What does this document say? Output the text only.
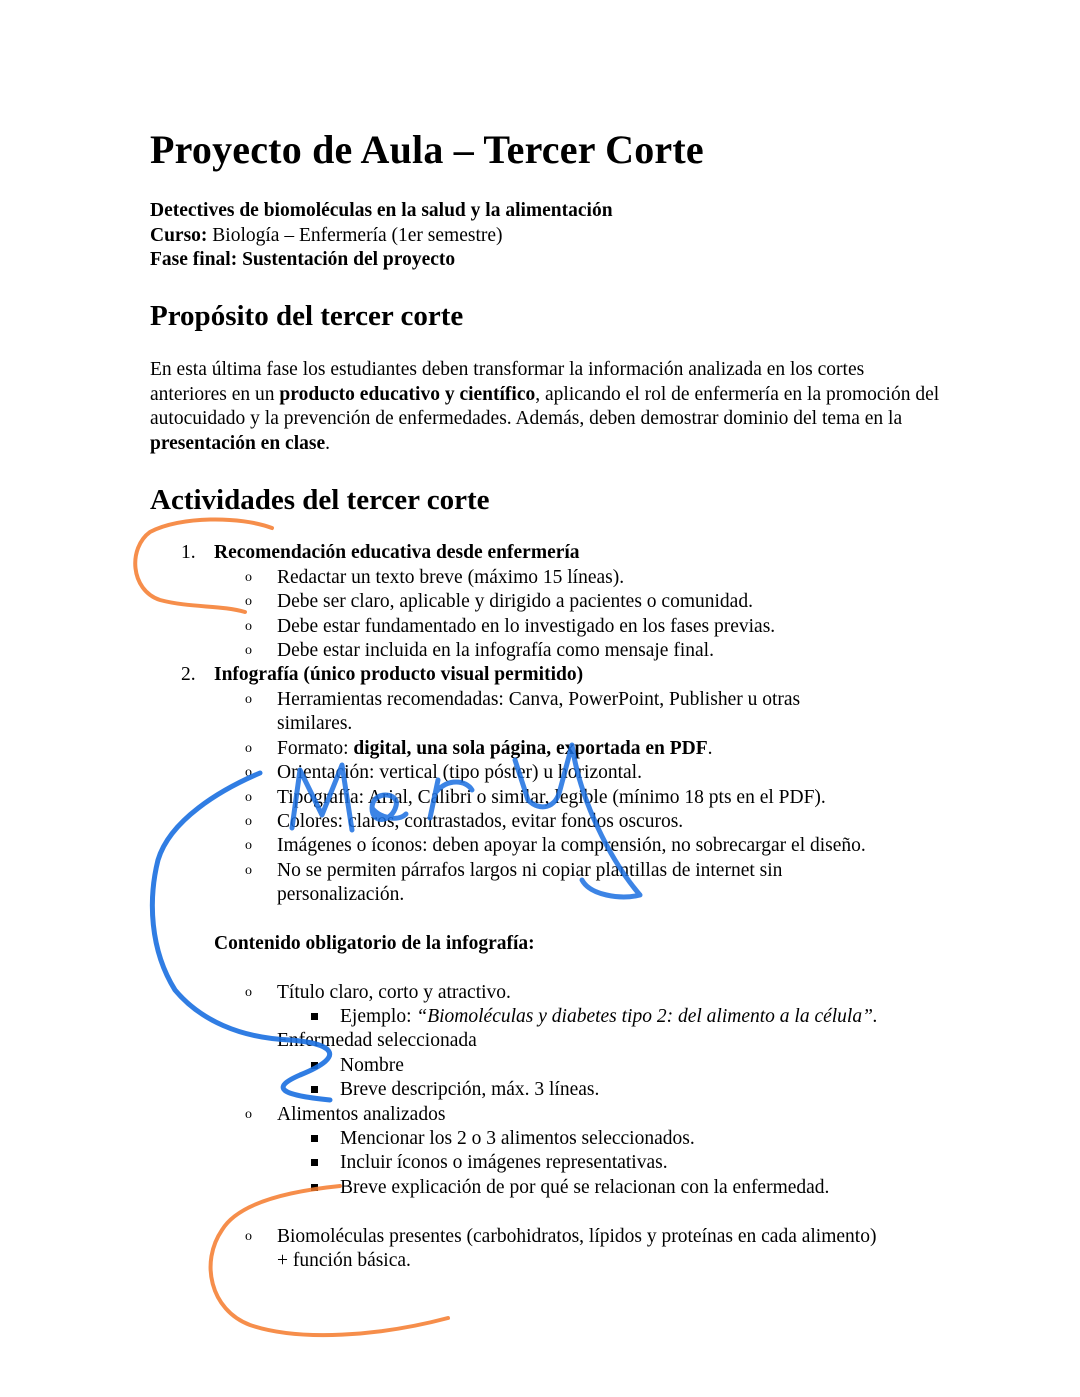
Proyecto de Aula – Tercer Corte
Detectives de biomoléculas en la salud y la alimentación
Curso: Biología – Enfermería (1er semestre)
Fase final: Sustentación del proyecto
Propósito del tercer corte
En esta última fase los estudiantes deben transformar la información analizada en los cortes anteriores en un producto educativo y científico, aplicando el rol de enfermería en la promoción del autocuidado y la prevención de enfermedades. Además, deben demostrar dominio del tema en la presentación en clase.
Actividades del tercer corte
1. Recomendación educativa desde enfermería
o Redactar un texto breve (máximo 15 líneas).
o Debe ser claro, aplicable y dirigido a pacientes o comunidad.
o Debe estar fundamentado en lo investigado en los fases previas.
o Debe estar incluida en la infografía como mensaje final.
2. Infografía (único producto visual permitido)
o Herramientas recomendadas: Canva, PowerPoint, Publisher u otras
similares.
o Formato: digital, una sola página, exportada en PDF.
o Orientación: vertical (tipo póster) u horizontal.
o Tipografía: Arial, Calibri o similar, legible (mínimo 18 pts en el PDF).
o Colores: claros, contrastados, evitar fondos oscuros.
o Imágenes o íconos: deben apoyar la comprensión, no sobrecargar el diseño.
o No se permiten párrafos largos ni copiar plantillas de internet sin
personalización.
Contenido obligatorio de la infografía:
o Título claro, corto y atractivo.
Ejemplo: “Biomoléculas y diabetes tipo 2: del alimento a la célula”.
Enfermedad seleccionada
Nombre
Breve descripción, máx. 3 líneas.
o Alimentos analizados
Mencionar los 2 o 3 alimentos seleccionados.
Incluir íconos o imágenes representativas.
Breve explicación de por qué se relacionan con la enfermedad.
o Biomoléculas presentes (carbohidratos, lípidos y proteínas en cada alimento)
+ función básica.
